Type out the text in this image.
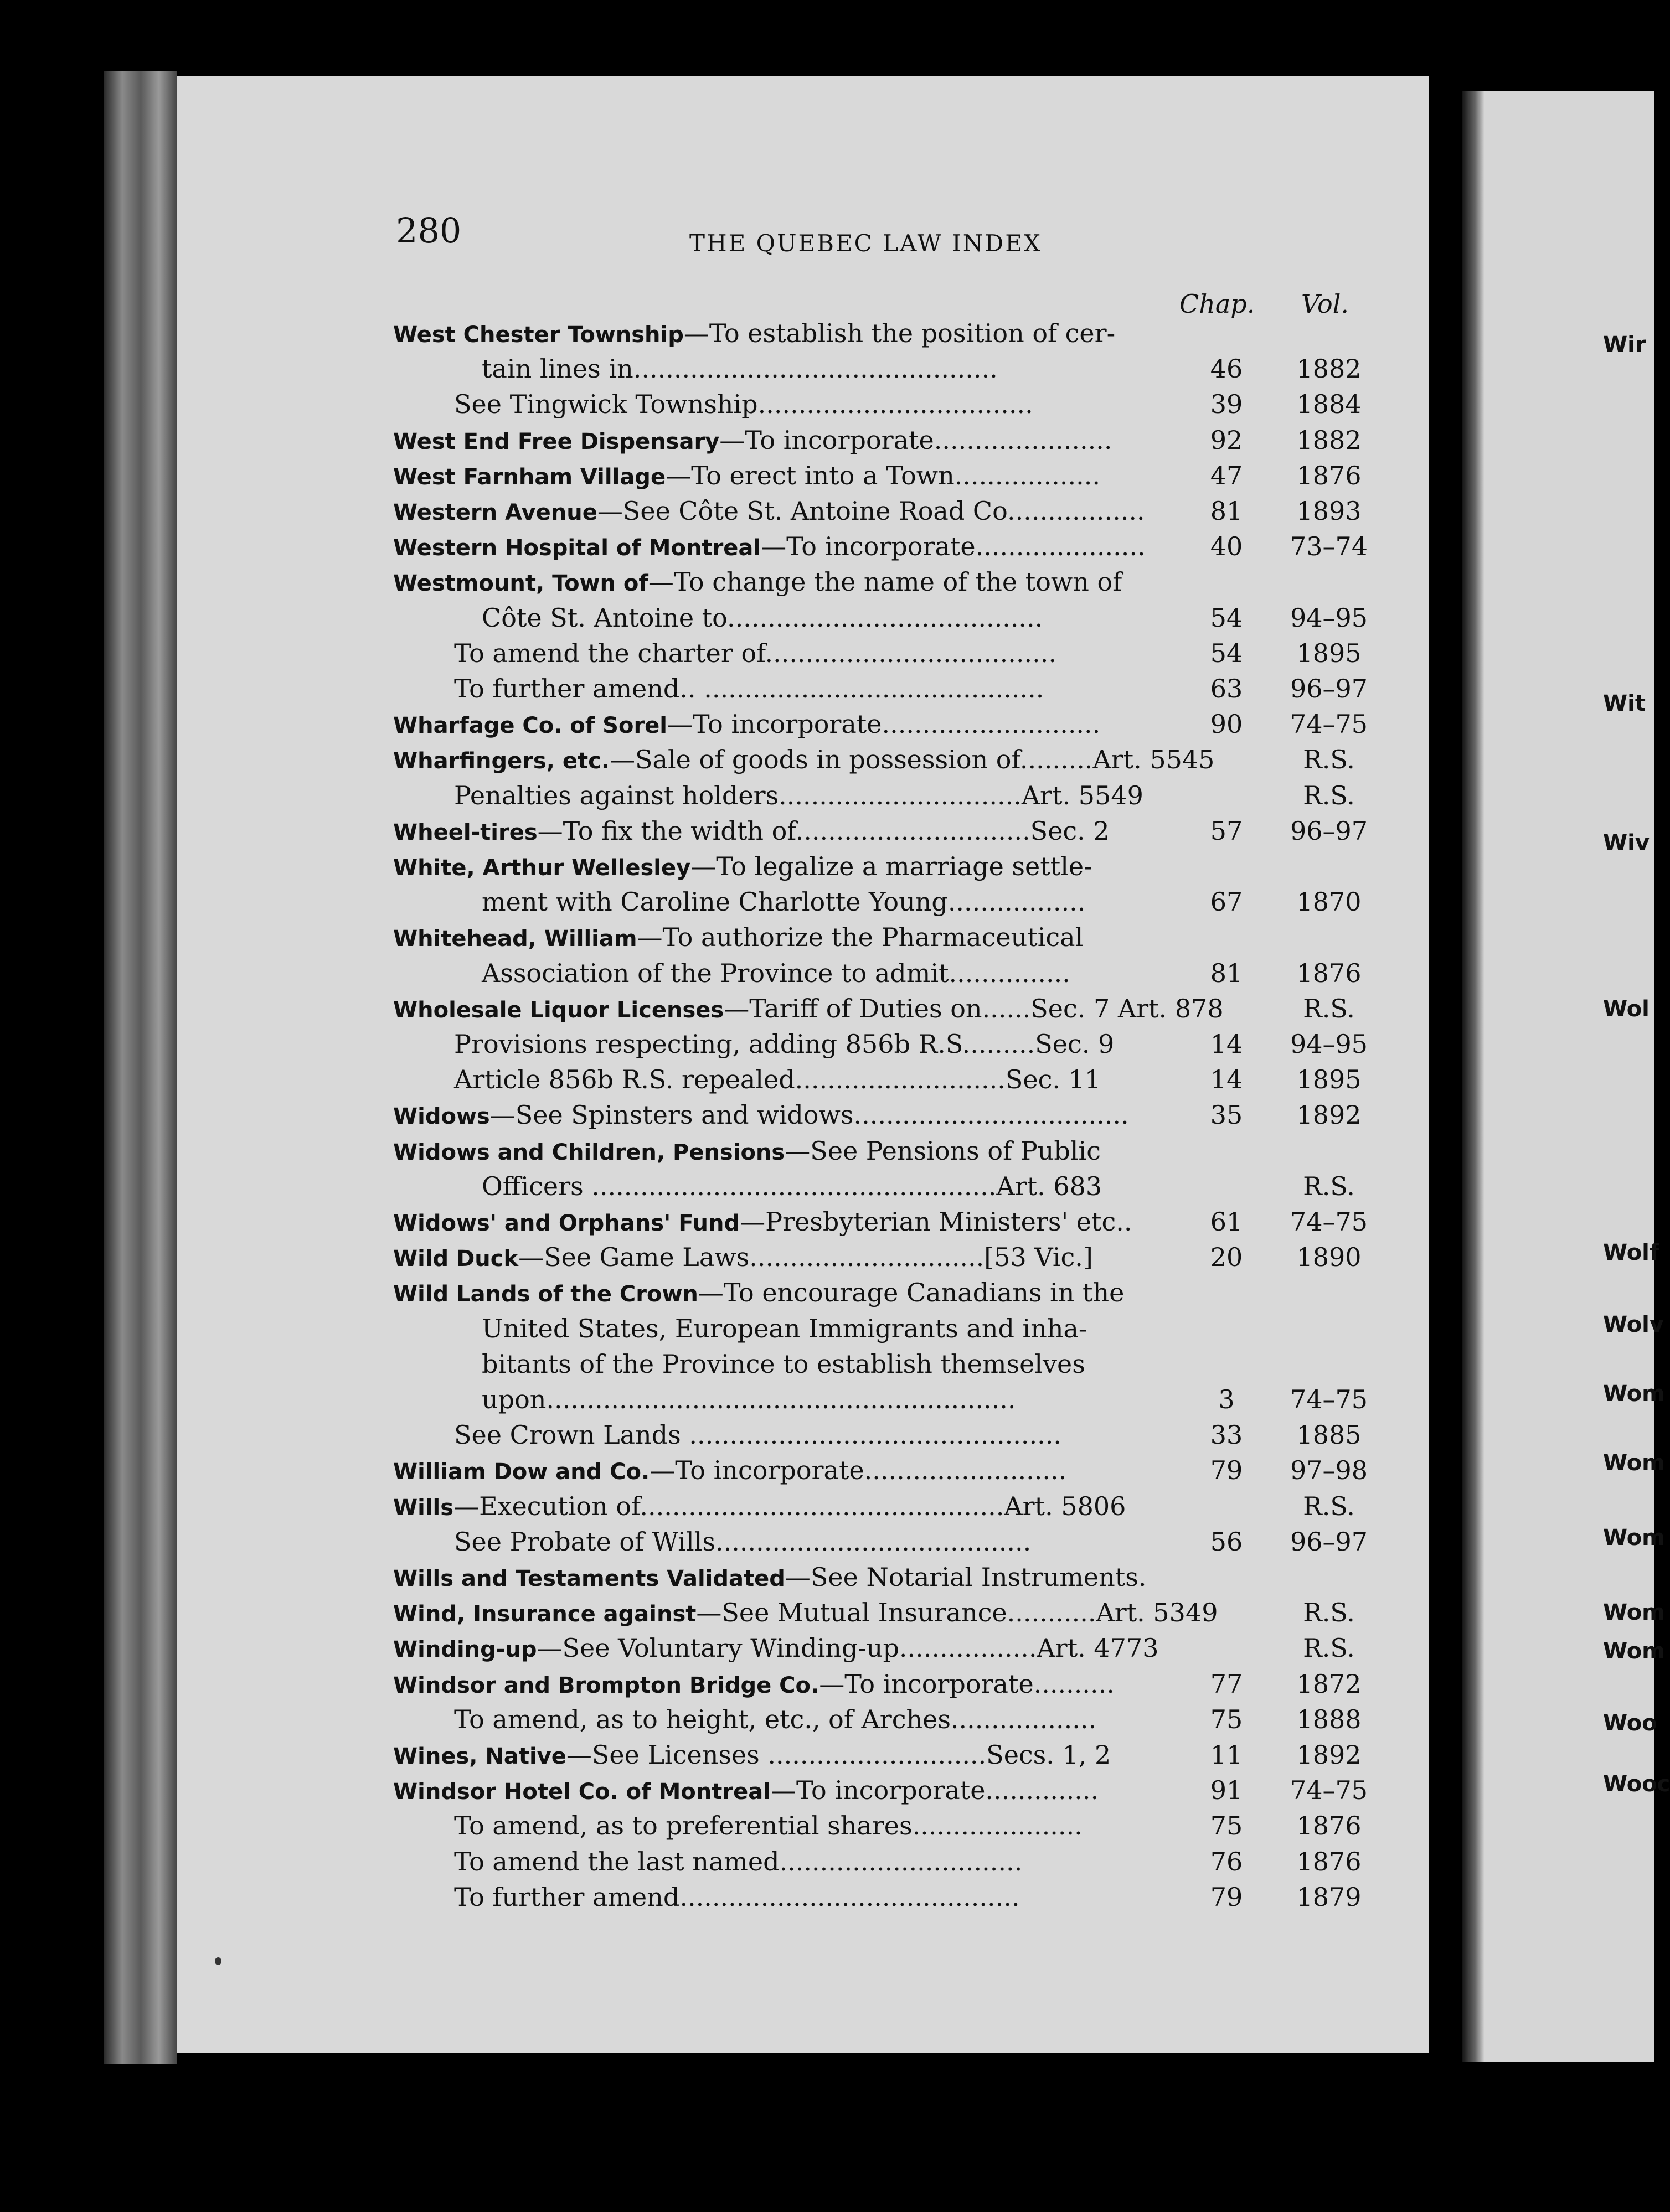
280	THE QUEBEC LAW INDEX
Chap. Vol.
West Chester Township—To establish the position of cer-
tain lines in.............................................	46	1882
See Tingwick Township..................................	39	1884
West End Free Dispensary—To incorporate......................	92	1882
West Farnham Village—To erect into a Town..................	47	1876
Western Avenue—See Côte St. Antoine Road Co.................	81	1893
Western Hospital of Montreal—To incorporate.....................	40	73–74
Westmount, Town of—To change the name of the town of
Côte St. Antoine to.......................................	54	94–95
To amend the charter of....................................	54	1895
To further amend.. ..........................................	63	96–97
Wharfage Co. of Sorel—To incorporate...........................	90	74–75
Wharfingers, etc.—Sale of goods in possession of.........Art. 5545	R.S.
Penalties against holders..............................Art. 5549	R.S.
Wheel-tires—To fix the width of.............................Sec. 2	57	96–97
White, Arthur Wellesley—To legalize a marriage settle-
ment with Caroline Charlotte Young.................	67	1870
Whitehead, William—To authorize the Pharmaceutical
Association of the Province to admit...............	81	1876
Wholesale Liquor Licenses—Tariff of Duties on......Sec. 7 Art. 878	R.S.
Provisions respecting, adding 856b R.S.........Sec. 9	14	94–95
Article 856b R.S. repealed..........................Sec. 11	14	1895
Widows—See Spinsters and widows..................................	35	1892
Widows and Children, Pensions—See Pensions of Public
Officers ..................................................Art. 683	R.S.
Widows' and Orphans' Fund—Presbyterian Ministers' etc..	61	74–75
Wild Duck—See Game Laws.............................[53 Vic.]	20	1890
Wild Lands of the Crown—To encourage Canadians in the
United States, European Immigrants and inha-
bitants of the Province to establish themselves
upon..........................................................	3	74–75
See Crown Lands ..............................................	33	1885
William Dow and Co.—To incorporate.........................	79	97–98
Wills—Execution of.............................................Art. 5806	R.S.
See Probate of Wills.......................................	56	96–97
Wills and Testaments Validated—See Notarial Instruments.
Wind, Insurance against—See Mutual Insurance...........Art. 5349	R.S.
Winding-up—See Voluntary Winding-up.................Art. 4773	R.S.
Windsor and Brompton Bridge Co.—To incorporate..........	77	1872
To amend, as to height, etc., of Arches..................	75	1888
Wines, Native—See Licenses ...........................Secs. 1, 2	11	1892
Windsor Hotel Co. of Montreal—To incorporate..............	91	74–75
To amend, as to preferential shares.....................	75	1876
To amend the last named..............................	76	1876
To further amend..........................................	79	1879
Wir
Wit
Wiv
Wol
Wolf
Wolv
Wom
Wom
Wom
Wom
Wom
Woo
Wooc
